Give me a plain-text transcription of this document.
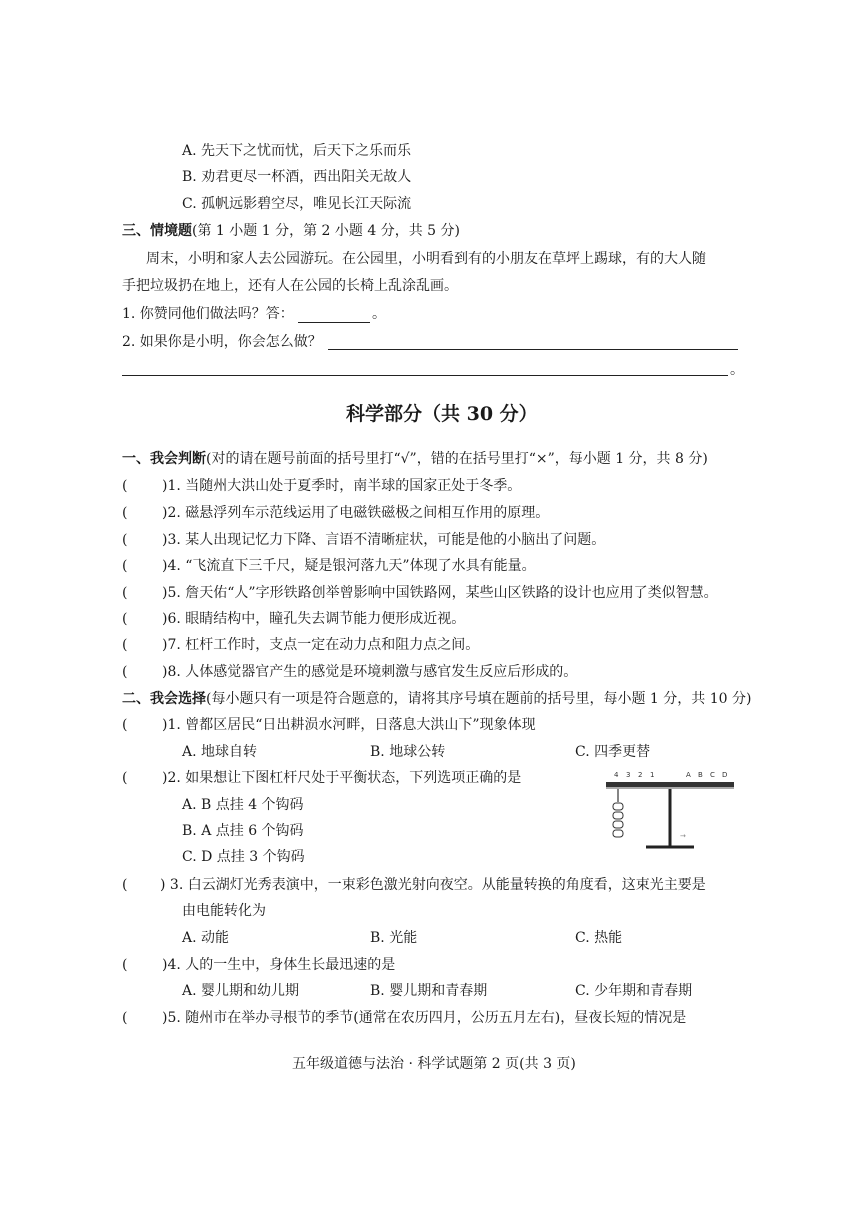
A. 先天下之忧而忧，后天下之乐而乐
B. 劝君更尽一杯酒，西出阳关无故人
C. 孤帆远影碧空尽，唯见长江天际流
三、情境题(第 1 小题 1 分，第 2 小题 4 分，共 5 分)
周末，小明和家人去公园游玩。在公园里，小明看到有的小朋友在草坪上踢球，有的大人随
手把垃圾扔在地上，还有人在公园的长椅上乱涂乱画。
1. 你赞同他们做法吗？答：	。
2. 如果你是小明，你会怎么做？
。
科学部分（共 30 分）
一、我会判断(对的请在题号前面的括号里打“√”，错的在括号里打“×”，每小题 1 分，共 8 分)
( )1. 当随州大洪山处于夏季时，南半球的国家正处于冬季。
( )2. 磁悬浮列车示范线运用了电磁铁磁极之间相互作用的原理。
( )3. 某人出现记忆力下降、言语不清晰症状，可能是他的小脑出了问题。
( )4. “飞流直下三千尺，疑是银河落九天”体现了水具有能量。
( )5. 詹天佑“人”字形铁路创举曾影响中国铁路网，某些山区铁路的设计也应用了类似智慧。
( )6. 眼睛结构中，瞳孔失去调节能力便形成近视。
( )7. 杠杆工作时，支点一定在动力点和阻力点之间。
( )8. 人体感觉器官产生的感觉是环境刺激与感官发生反应后形成的。
二、我会选择(每小题只有一项是符合题意的，请将其序号填在题前的括号里，每小题 1 分，共 10 分)
( )1. 曾都区居民“日出耕涢水河畔，日落息大洪山下”现象体现
A. 地球自转	B. 地球公转	C. 四季更替
( )2. 如果想让下图杠杆尺处于平衡状态，下列选项正确的是
A. B 点挂 4 个钩码
B. A 点挂 6 个钩码
C. D 点挂 3 个钩码
4 3 2 1	A B C D
→
( ) 3. 白云湖灯光秀表演中，一束彩色激光射向夜空。从能量转换的角度看，这束光主要是
由电能转化为
A. 动能	B. 光能	C. 热能
( )4. 人的一生中，身体生长最迅速的是
A. 婴儿期和幼儿期	B. 婴儿期和青春期	C. 少年期和青春期
( )5. 随州市在举办寻根节的季节(通常在农历四月，公历五月左右)，昼夜长短的情况是
五年级道德与法治 · 科学试题第 2 页(共 3 页)
